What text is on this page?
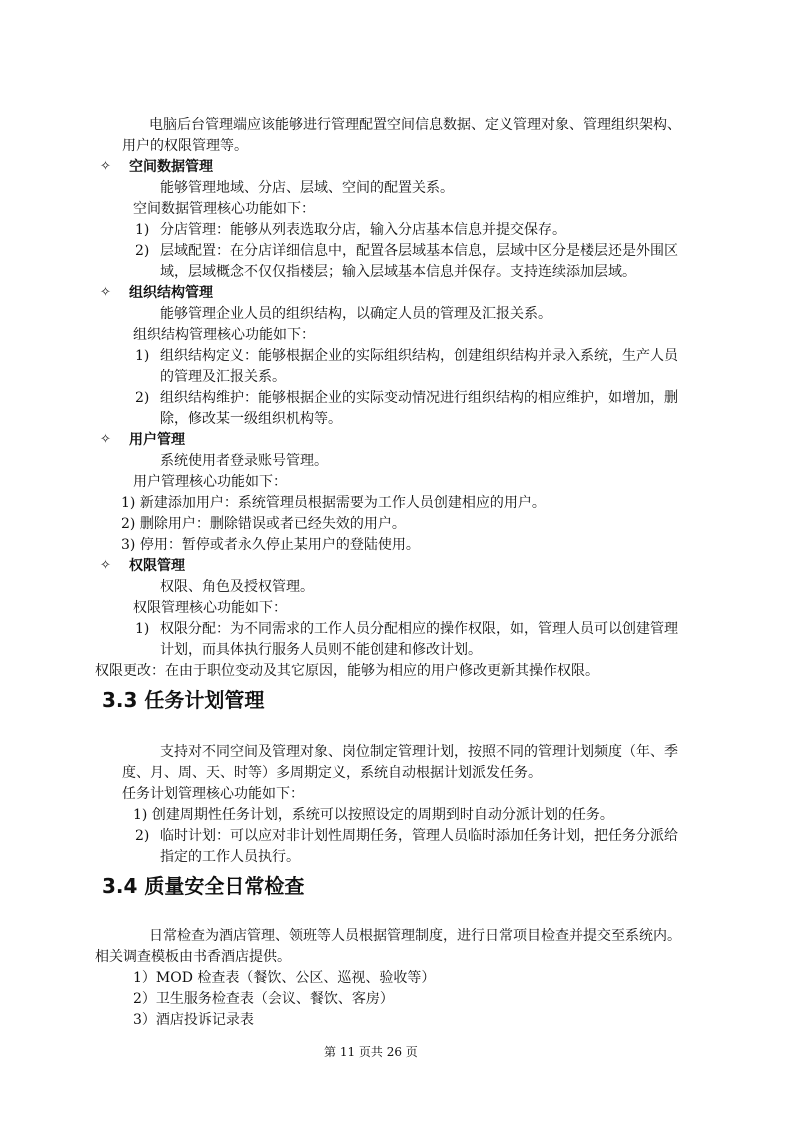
电脑后台管理端应该能够进行管理配置空间信息数据、定义管理对象、管理组织架构、
用户的权限管理等。
✧ 空间数据管理
能够管理地域、分店、层域、空间的配置关系。
空间数据管理核心功能如下：
1) 分店管理：能够从列表选取分店，输入分店基本信息并提交保存。
2) 层域配置：在分店详细信息中，配置各层域基本信息，层域中区分是楼层还是外围区
域，层域概念不仅仅指楼层；输入层域基本信息并保存。支持连续添加层域。
✧ 组织结构管理
能够管理企业人员的组织结构，以确定人员的管理及汇报关系。
组织结构管理核心功能如下：
1) 组织结构定义：能够根据企业的实际组织结构，创建组织结构并录入系统，生产人员
的管理及汇报关系。
2) 组织结构维护：能够根据企业的实际变动情况进行组织结构的相应维护，如增加，删
除，修改某一级组织机构等。
✧ 用户管理
系统使用者登录账号管理。
用户管理核心功能如下：
1) 新建添加用户：系统管理员根据需要为工作人员创建相应的用户。
2) 删除用户：删除错误或者已经失效的用户。
3) 停用：暂停或者永久停止某用户的登陆使用。
✧ 权限管理
权限、角色及授权管理。
权限管理核心功能如下：
1) 权限分配：为不同需求的工作人员分配相应的操作权限，如，管理人员可以创建管理
计划，而具体执行服务人员则不能创建和修改计划。
权限更改：在由于职位变动及其它原因，能够为相应的用户修改更新其操作权限。
3.3 任务计划管理
支持对不同空间及管理对象、岗位制定管理计划，按照不同的管理计划频度（年、季
度、月、周、天、时等）多周期定义，系统自动根据计划派发任务。
任务计划管理核心功能如下：
1) 创建周期性任务计划，系统可以按照设定的周期到时自动分派计划的任务。
2) 临时计划：可以应对非计划性周期任务，管理人员临时添加任务计划，把任务分派给
指定的工作人员执行。
3.4 质量安全日常检查
日常检查为酒店管理、领班等人员根据管理制度，进行日常项目检查并提交至系统内。
相关调查模板由书香酒店提供。
1）MOD 检查表（餐饮、公区、巡视、验收等）
2）卫生服务检查表（会议、餐饮、客房）
3）酒店投诉记录表
第 11 页共 26 页
